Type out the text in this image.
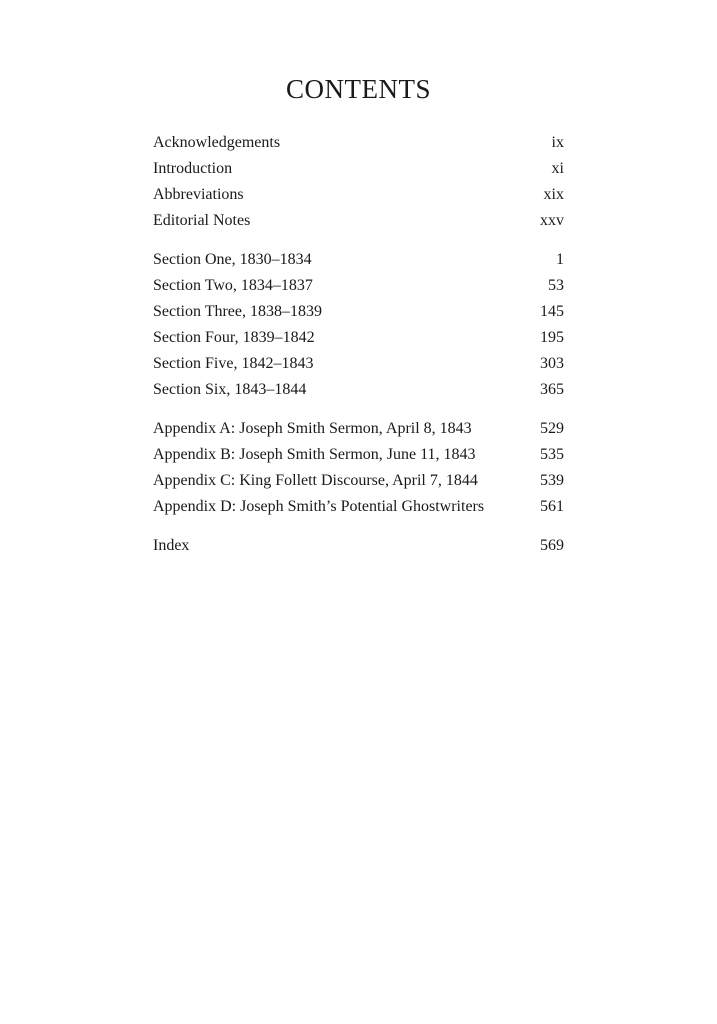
CONTENTS
Acknowledgements	ix
Introduction	xi
Abbreviations	xix
Editorial Notes	xxv
Section One, 1830–1834	1
Section Two, 1834–1837	53
Section Three, 1838–1839	145
Section Four, 1839–1842	195
Section Five, 1842–1843	303
Section Six, 1843–1844	365
Appendix A: Joseph Smith Sermon, April 8, 1843	529
Appendix B: Joseph Smith Sermon, June 11, 1843	535
Appendix C: King Follett Discourse, April 7, 1844	539
Appendix D: Joseph Smith’s Potential Ghostwriters	561
Index	569
